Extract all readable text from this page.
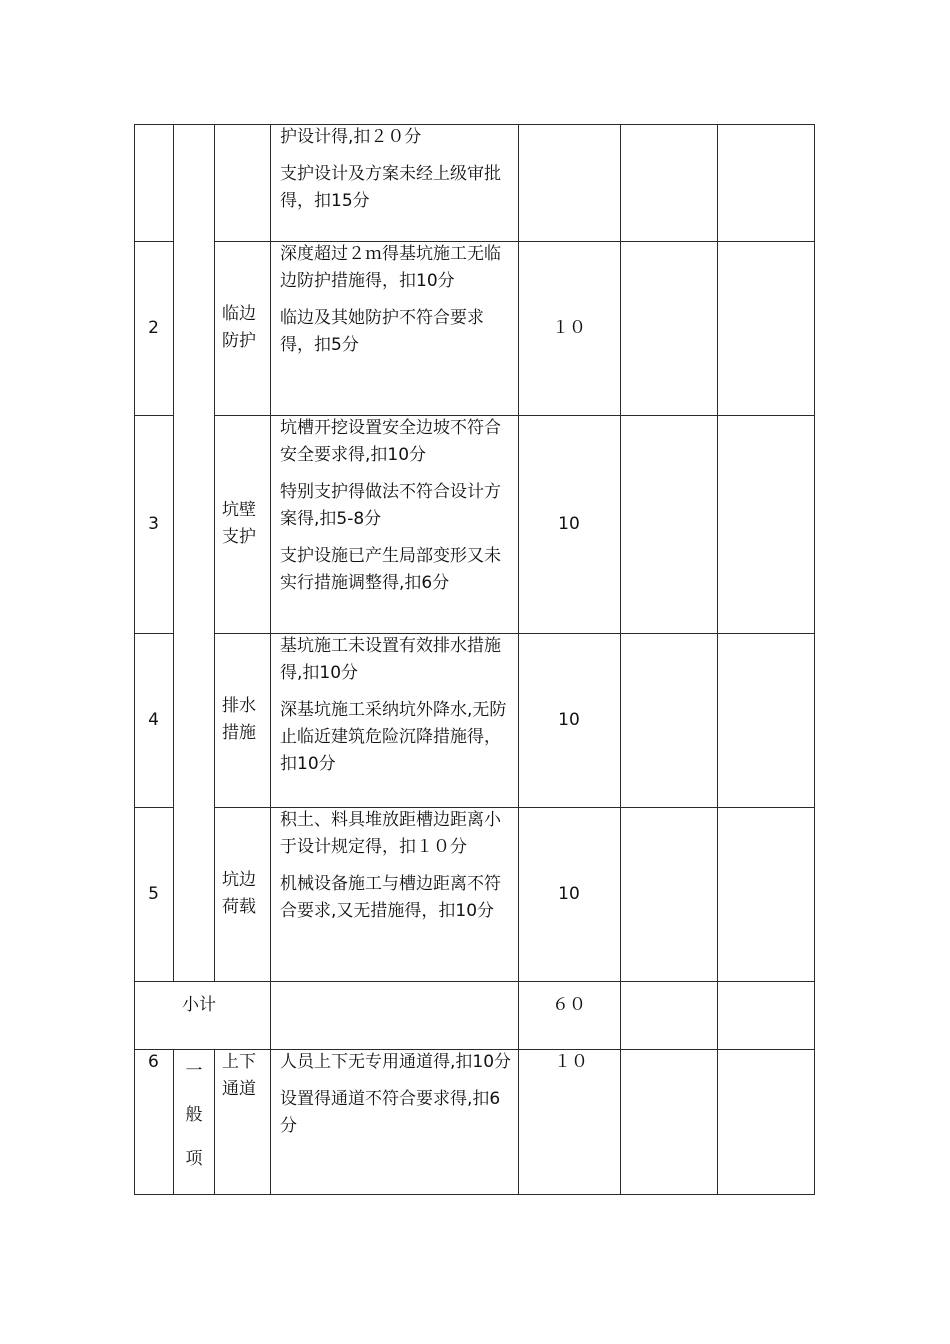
护设计得,扣２０分

支护设计及方案未经上级审批得，扣15分

2
临边防护

深度超过２ｍ得基坑施工无临边防护措施得，扣10分

临边及其她防护不符合要求得，扣5分

１０
3
坑壁支护

坑槽开挖设置安全边坡不符合安全要求得,扣10分

特别支护得做法不符合设计方案得,扣5-8分

支护设施已产生局部变形又未实行措施调整得,扣6分

10
4
排水措施

基坑施工未设置有效排水措施得,扣10分

深基坑施工采纳坑外降水,无防止临近建筑危险沉降措施得，扣10分

10
5
坑边荷载

积土、料具堆放距槽边距离小于设计规定得，扣１０分

机械设备施工与槽边距离不符合要求,又无措施得，扣10分

10
小计	６０
6	一
般
项
上下通道

人员上下无专用通道得,扣10分

设置得通道不符合要求得,扣6分

１０
